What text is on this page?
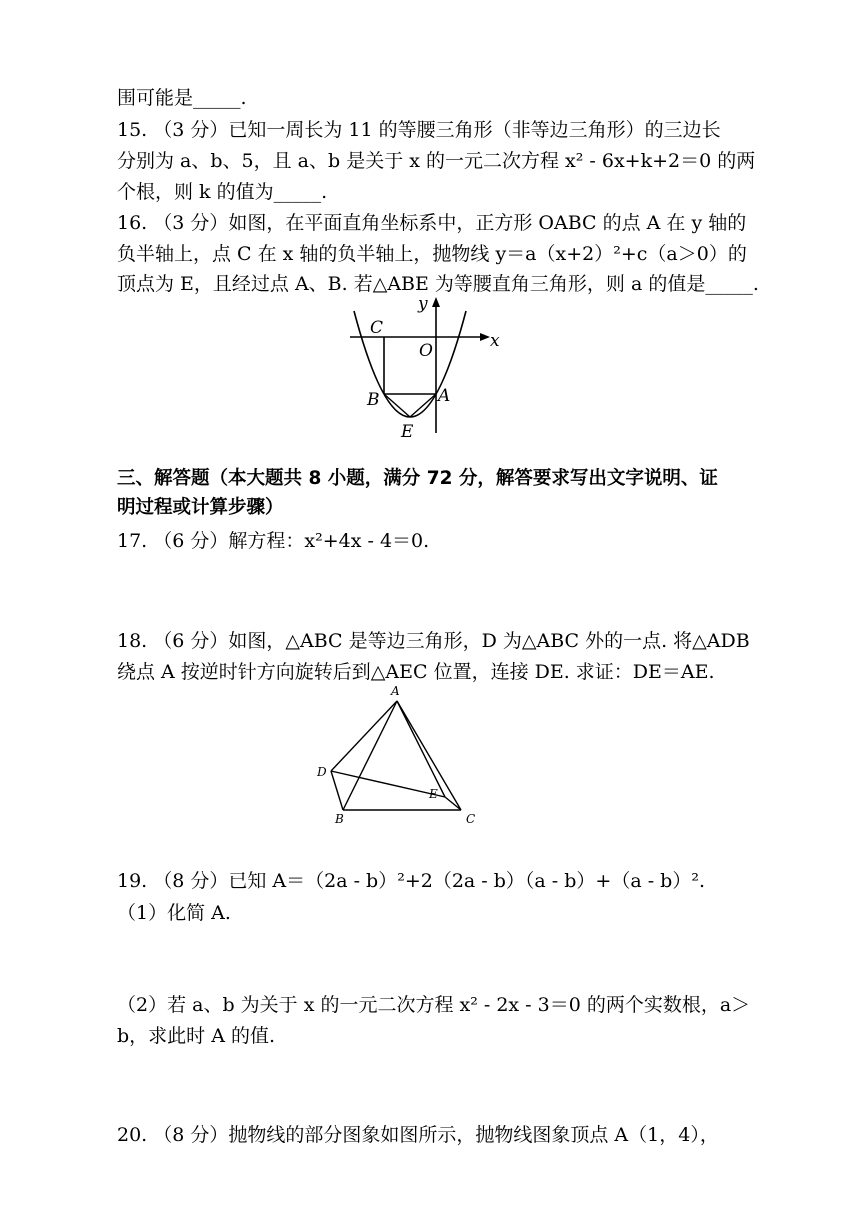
围可能是_____.
15. （3 分）已知一周长为 11 的等腰三角形（非等边三角形）的三边长
分别为 a、b、5，且 a、b 是关于 x 的一元二次方程 x² - 6x+k+2＝0 的两
个根，则 k 的值为_____.
16. （3 分）如图，在平面直角坐标系中，正方形 OABC 的点 A 在 y 轴的
负半轴上，点 C 在 x 轴的负半轴上，抛物线 y＝a（x+2）²+c（a＞0）的
顶点为 E，且经过点 A、B. 若△ABE 为等腰直角三角形，则 a 的值是_____.
x
y
O
C
B	A
E
三、解答题（本大题共 8 小题，满分 72 分，解答要求写出文字说明、证
明过程或计算步骤）
17. （6 分）解方程：x²+4x - 4＝0.
18. （6 分）如图，△ABC 是等边三角形，D 为△ABC 外的一点. 将△ADB
绕点 A 按逆时针方向旋转后到△AEC 位置，连接 DE. 求证：DE＝AE.
A
D
E
B	C
19. （8 分）已知 A＝（2a - b）²+2（2a - b）（a - b）+（a - b）².
（1）化简 A.
（2）若 a、b 为关于 x 的一元二次方程 x² - 2x - 3＝0 的两个实数根，a＞
b，求此时 A 的值.
20. （8 分）抛物线的部分图象如图所示，抛物线图象顶点 A（1，4），
